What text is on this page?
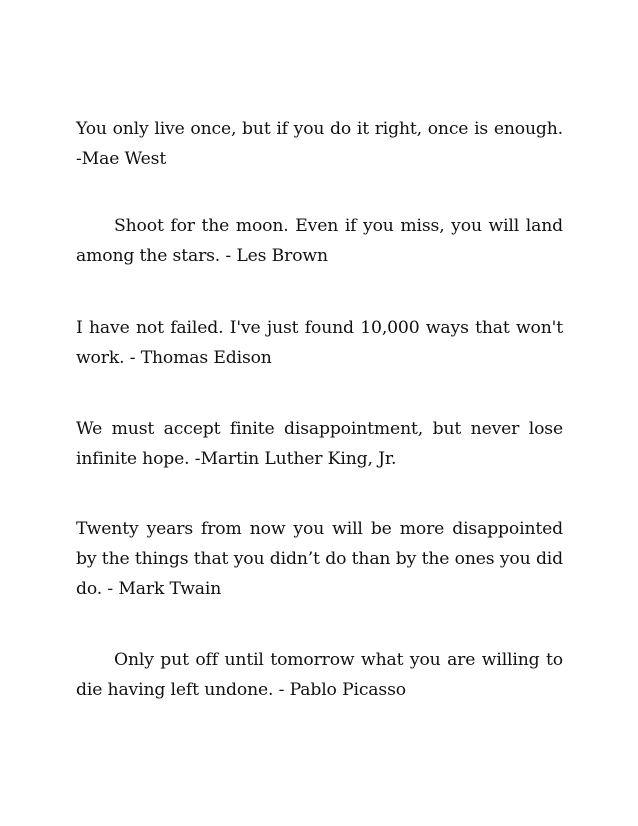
You only live once, but if you do it right, once is enough. -Mae West

Shoot for the moon. Even if you miss, you will land among the stars. - Les Brown

I have not failed. I've just found 10,000 ways that won't work. - Thomas Edison

We must accept finite disappointment, but never lose infinite hope. -Martin Luther King, Jr.

Twenty years from now you will be more disappointed by the things that you didn’t do than by the ones you did do. - Mark Twain

Only put off until tomorrow what you are willing to die having left undone. - Pablo Picasso
